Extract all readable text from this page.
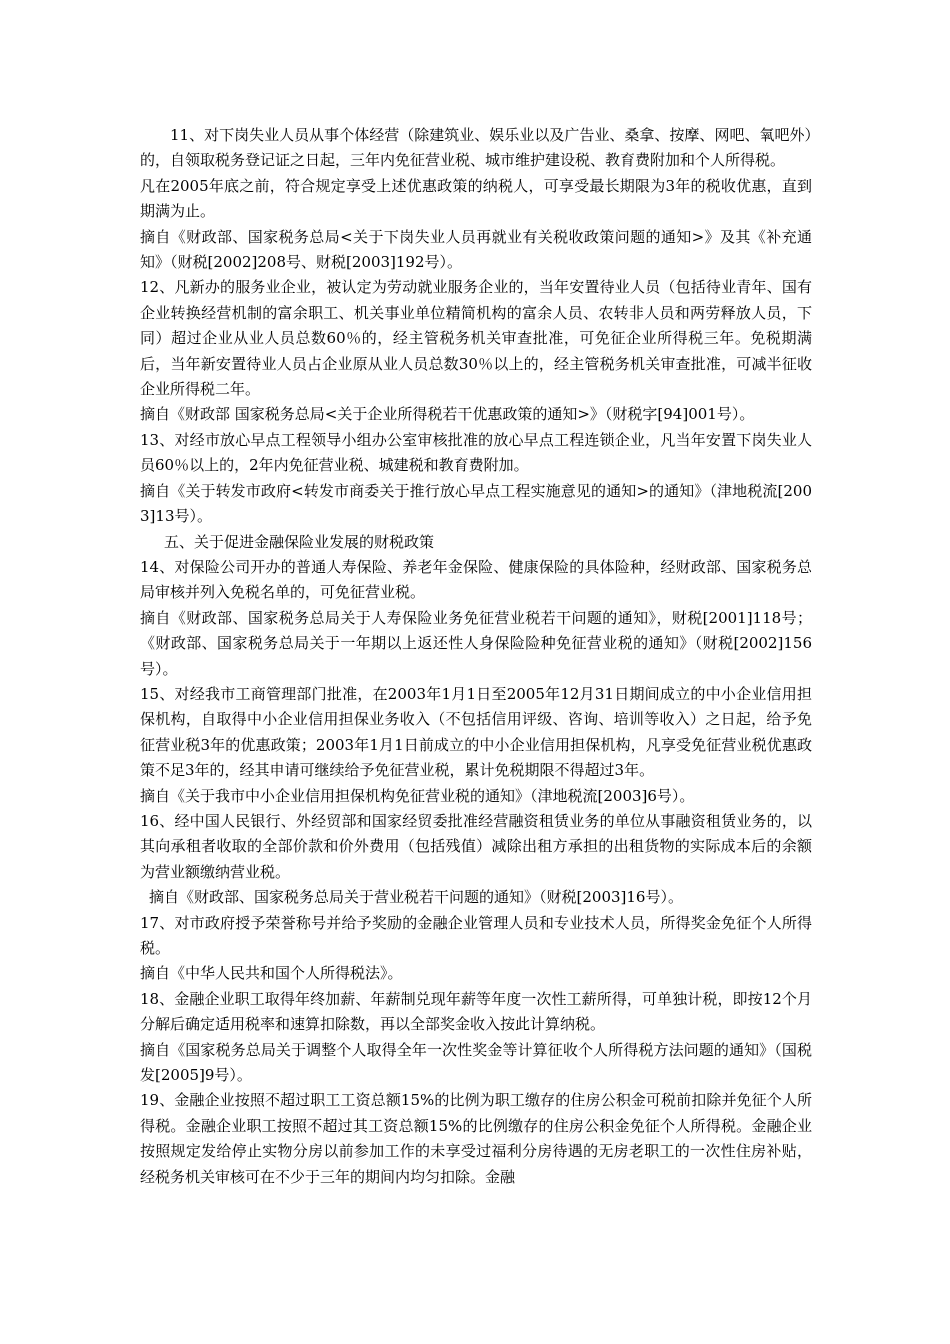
11、对下岗失业人员从事个体经营（除建筑业、娱乐业以及广告业、桑拿、按摩、网吧、氧吧外）的，自领取税务登记证之日起，三年内免征营业税、城市维护建设税、教育费附加和个人所得税。

凡在2005年底之前，符合规定享受上述优惠政策的纳税人，可享受最长期限为3年的税收优惠，直到期满为止。

摘自《财政部、国家税务总局<关于下岗失业人员再就业有关税收政策问题的通知>》及其《补充通知》（财税[2002]208号、财税[2003]192号）。

12、凡新办的服务业企业，被认定为劳动就业服务企业的，当年安置待业人员（包括待业青年、国有企业转换经营机制的富余职工、机关事业单位精简机构的富余人员、农转非人员和两劳释放人员，下同）超过企业从业人员总数60％的，经主管税务机关审查批准，可免征企业所得税三年。免税期满后，当年新安置待业人员占企业原从业人员总数30％以上的，经主管税务机关审查批准，可减半征收企业所得税二年。

摘自《财政部 国家税务总局<关于企业所得税若干优惠政策的通知>》（财税字[94]001号）。

13、对经市放心早点工程领导小组办公室审核批准的放心早点工程连锁企业，凡当年安置下岗失业人员60％以上的，2年内免征营业税、城建税和教育费附加。

摘自《关于转发市政府<转发市商委关于推行放心早点工程实施意见的通知>的通知》（津地税流[2003]13号）。

五、关于促进金融保险业发展的财税政策

14、对保险公司开办的普通人寿保险、养老年金保险、健康保险的具体险种，经财政部、国家税务总局审核并列入免税名单的，可免征营业税。

摘自《财政部、国家税务总局关于人寿保险业务免征营业税若干问题的通知》，财税[2001]118号；《财政部、国家税务总局关于一年期以上返还性人身保险险种免征营业税的通知》（财税[2002]156号）。

15、对经我市工商管理部门批准，在2003年1月1日至2005年12月31日期间成立的中小企业信用担保机构，自取得中小企业信用担保业务收入（不包括信用评级、咨询、培训等收入）之日起，给予免征营业税3年的优惠政策；2003年1月1日前成立的中小企业信用担保机构，凡享受免征营业税优惠政策不足3年的，经其申请可继续给予免征营业税，累计免税期限不得超过3年。

摘自《关于我市中小企业信用担保机构免征营业税的通知》（津地税流[2003]6号）。

16、经中国人民银行、外经贸部和国家经贸委批准经营融资租赁业务的单位从事融资租赁业务的，以其向承租者收取的全部价款和价外费用（包括残值）减除出租方承担的出租货物的实际成本后的余额为营业额缴纳营业税。

摘自《财政部、国家税务总局关于营业税若干问题的通知》（财税[2003]16号）。

17、对市政府授予荣誉称号并给予奖励的金融企业管理人员和专业技术人员，所得奖金免征个人所得税。

摘自《中华人民共和国个人所得税法》。

18、金融企业职工取得年终加薪、年薪制兑现年薪等年度一次性工薪所得，可单独计税，即按12个月分解后确定适用税率和速算扣除数，再以全部奖金收入按此计算纳税。

摘自《国家税务总局关于调整个人取得全年一次性奖金等计算征收个人所得税方法问题的通知》（国税发[2005]9号）。

19、金融企业按照不超过职工工资总额15%的比例为职工缴存的住房公积金可税前扣除并免征个人所得税。金融企业职工按照不超过其工资总额15%的比例缴存的住房公积金免征个人所得税。金融企业按照规定发给停止实物分房以前参加工作的未享受过福利分房待遇的无房老职工的一次性住房补贴，经税务机关审核可在不少于三年的期间内均匀扣除。金融
